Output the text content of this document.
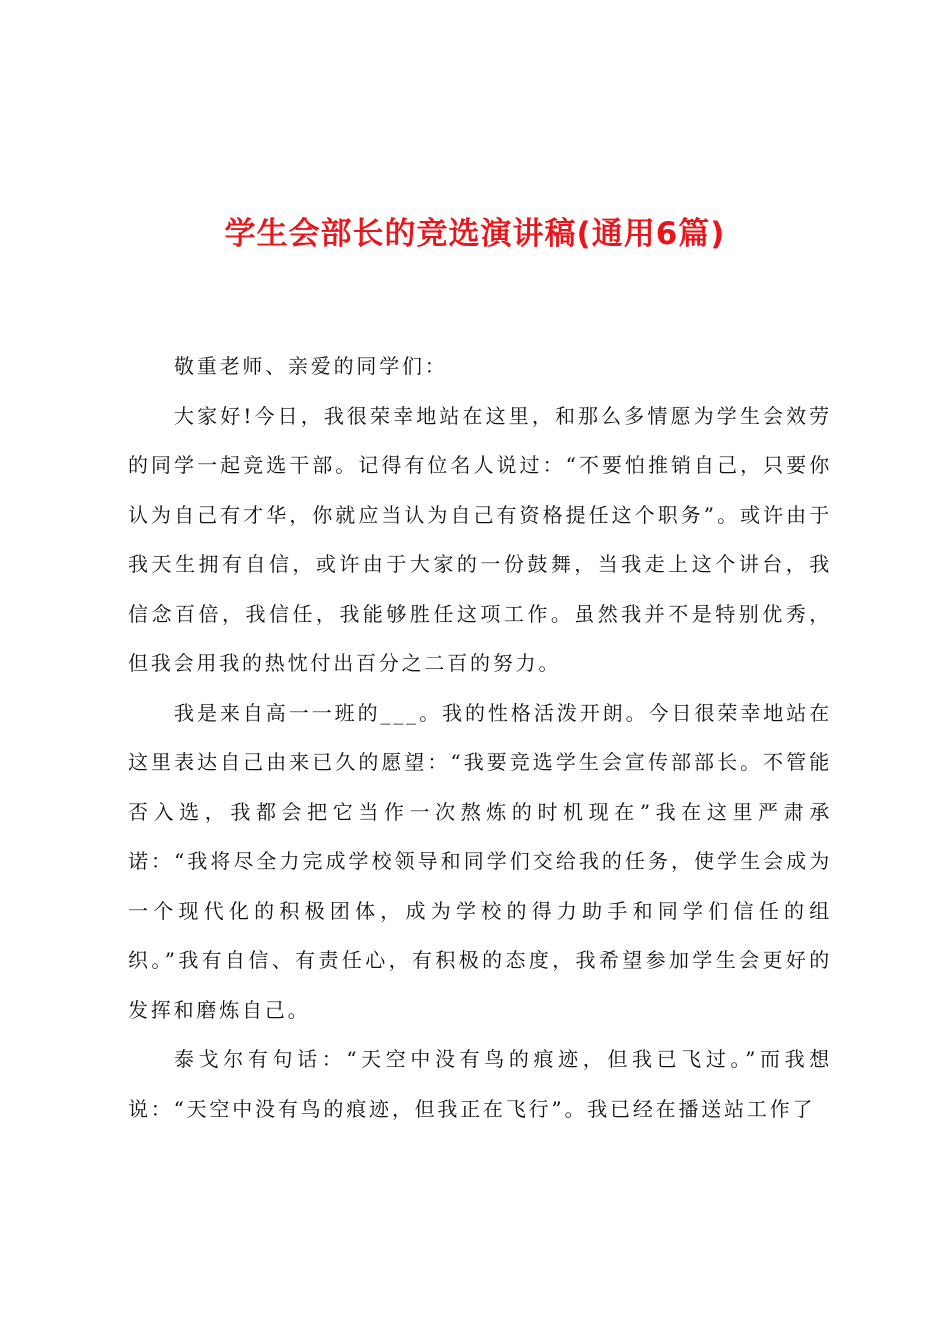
学生会部长的竞选演讲稿(通用6篇)

敬重老师、亲爱的同学们：

大家好!今日，我很荣幸地站在这里，和那么多情愿为学生会效劳的同学一起竞选干部。记得有位名人说过：“不要怕推销自己，只要你认为自己有才华，你就应当认为自己有资格提任这个职务”。或许由于我天生拥有自信，或许由于大家的一份鼓舞，当我走上这个讲台，我信念百倍，我信任，我能够胜任这项工作。虽然我并不是特别优秀，但我会用我的热忱付出百分之二百的努力。

我是来自高一一班的___。我的性格活泼开朗。今日很荣幸地站在这里表达自己由来已久的愿望：“我要竞选学生会宣传部部长。不管能否入选，我都会把它当作一次熬炼的时机现在”我在这里严肃承诺：“我将尽全力完成学校领导和同学们交给我的任务，使学生会成为一个现代化的积极团体，成为学校的得力助手和同学们信任的组织。”我有自信、有责任心，有积极的态度，我希望参加学生会更好的发挥和磨炼自己。

泰戈尔有句话：“天空中没有鸟的痕迹，但我已飞过。”而我想说：“天空中没有鸟的痕迹，但我正在飞行”。我已经在播送站工作了
